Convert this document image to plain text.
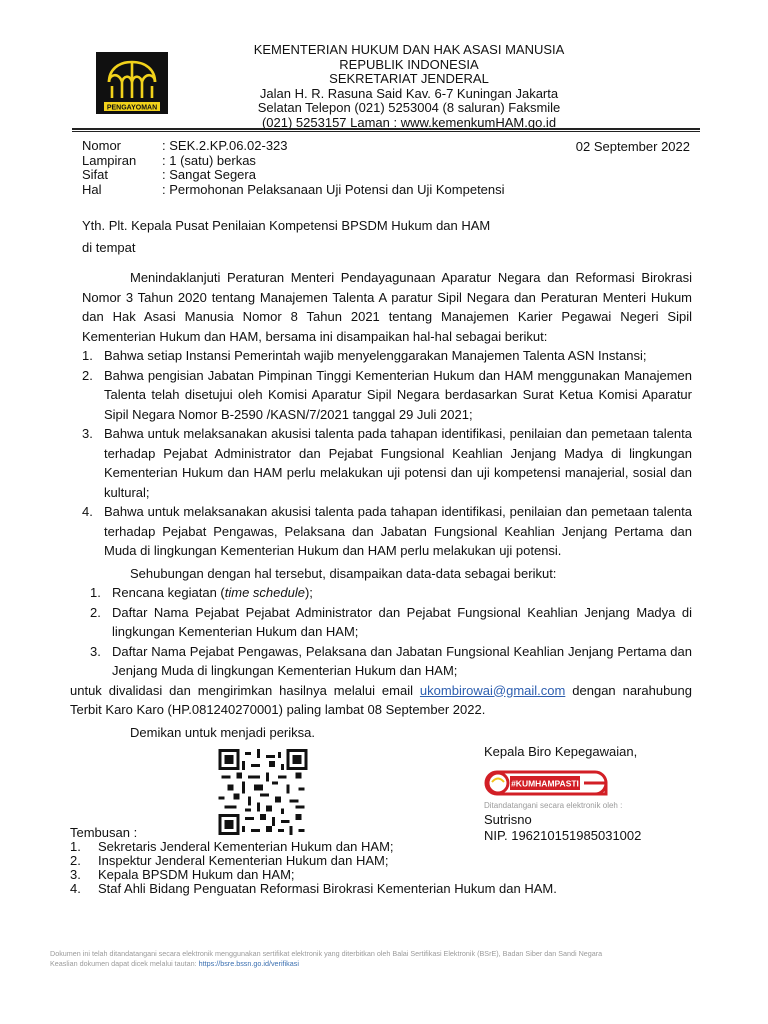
PENGAYOMAN
KEMENTERIAN HUKUM DAN HAK ASASI MANUSIA
REPUBLIK INDONESIA
SEKRETARIAT JENDERAL
Jalan H. R. Rasuna Said Kav. 6-7 Kuningan Jakarta
Selatan Telepon (021) 5253004 (8 saluran) Faksmile
(021) 5253157 Laman : www.kemenkumHAM.go.id
Nomor	: SEK.2.KP.06.02-323
Lampiran	: 1 (satu) berkas
Sifat	: Sangat Segera
Hal	: Permohonan Pelaksanaan Uji Potensi dan Uji Kompetensi
02 September 2022
Yth. Plt. Kepala Pusat Penilaian Kompetensi BPSDM Hukum dan HAM
di tempat

Menindaklanjuti Peraturan Menteri Pendayagunaan Aparatur Negara dan Reformasi Birokrasi Nomor 3 Tahun 2020 tentang Manajemen Talenta A paratur Sipil Negara dan Peraturan Menteri Hukum dan Hak Asasi Manusia Nomor 8 Tahun 2021 tentang Manajemen Karier Pegawai Negeri Sipil Kementerian Hukum dan HAM, bersama ini disampaikan hal-hal sebagai berikut:

1. Bahwa setiap Instansi Pemerintah wajib menyelenggarakan Manajemen Talenta ASN Instansi;
2. Bahwa pengisian Jabatan Pimpinan Tinggi Kementerian Hukum dan HAM menggunakan Manajemen Talenta telah disetujui oleh Komisi Aparatur Sipil Negara berdasarkan Surat Ketua Komisi Aparatur Sipil Negara Nomor B-2590 /KASN/7/2021 tanggal 29 Juli 2021;
3. Bahwa untuk melaksanakan akusisi talenta pada tahapan identifikasi, penilaian dan pemetaan talenta terhadap Pejabat Administrator dan Pejabat Fungsional Keahlian Jenjang Madya di lingkungan Kementerian Hukum dan HAM perlu melakukan uji potensi dan uji kompetensi manajerial, sosial dan kultural;
4. Bahwa untuk melaksanakan akusisi talenta pada tahapan identifikasi, penilaian dan pemetaan talenta terhadap Pejabat Pengawas, Pelaksana dan Jabatan Fungsional Keahlian Jenjang Pertama dan Muda di lingkungan Kementerian Hukum dan HAM perlu melakukan uji potensi.

Sehubungan dengan hal tersebut, disampaikan data-data sebagai berikut:

1. Rencana kegiatan (time schedule);
2. Daftar Nama Pejabat Pejabat Administrator dan Pejabat Fungsional Keahlian Jenjang Madya di lingkungan Kementerian Hukum dan HAM;
3. Daftar Nama Pejabat Pengawas, Pelaksana dan Jabatan Fungsional Keahlian Jenjang Pertama dan Jenjang Muda di lingkungan Kementerian Hukum dan HAM;

untuk divalidasi dan mengirimkan hasilnya melalui email ukombirowai@gmail.com dengan narahubung Terbit Karo Karo (HP.081240270001) paling lambat 08 September 2022.

Demikan untuk menjadi periksa.

Kepala Biro Kepegawaian,
#KUMHAMPASTI
Ditandatangani secara elektronik oleh :
Sutrisno
NIP. 196210151985031002
Tembusan :
1.	Sekretaris Jenderal Kementerian Hukum dan HAM;
2.	Inspektur Jenderal Kementerian Hukum dan HAM;
3.	Kepala BPSDM Hukum dan HAM;
4.	Staf Ahli Bidang Penguatan Reformasi Birokrasi Kementerian Hukum dan HAM.
Dokumen ini telah ditandatangani secara elektronik menggunakan sertifikat elektronik yang diterbitkan oleh Balai Sertifikasi Elektronik (BSrE), Badan Siber dan Sandi Negara
Keaslian dokumen dapat dicek melalui tautan: https://bsre.bssn.go.id/verifikasi
